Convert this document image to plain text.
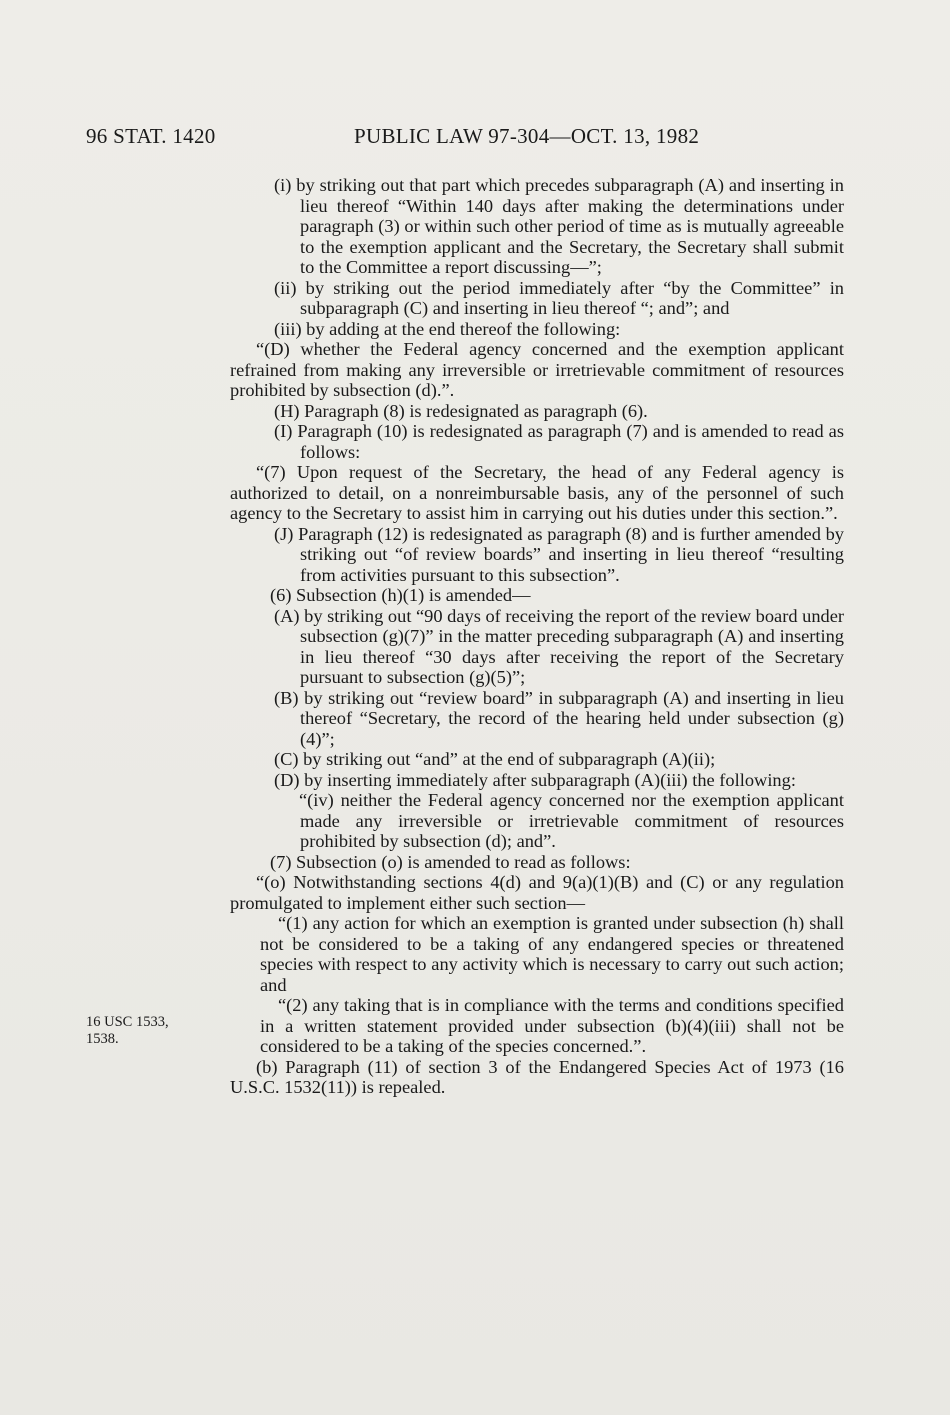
96 STAT. 1420	PUBLIC LAW 97-304—OCT. 13, 1982
16 USC 1533,
1538.

(i) by striking out that part which precedes subparagraph (A) and inserting in lieu thereof “Within 140 days after making the determinations under paragraph (3) or within such other period of time as is mutually agreeable to the exemption applicant and the Secretary, the Secretary shall submit to the Committee a report discussing—”;

(ii) by striking out the period immediately after “by the Committee” in subparagraph (C) and inserting in lieu thereof “; and”; and

(iii) by adding at the end thereof the following:

“(D) whether the Federal agency concerned and the exemption applicant refrained from making any irreversible or irretrievable commitment of resources prohibited by subsection (d).”.

(H) Paragraph (8) is redesignated as paragraph (6).

(I) Paragraph (10) is redesignated as paragraph (7) and is amended to read as follows:

“(7) Upon request of the Secretary, the head of any Federal agency is authorized to detail, on a nonreimbursable basis, any of the personnel of such agency to the Secretary to assist him in carrying out his duties under this section.”.

(J) Paragraph (12) is redesignated as paragraph (8) and is further amended by striking out “of review boards” and inserting in lieu thereof “resulting from activities pursuant to this subsection”.

(6) Subsection (h)(1) is amended—

(A) by striking out “90 days of receiving the report of the review board under subsection (g)(7)” in the matter preceding subparagraph (A) and inserting in lieu thereof “30 days after receiving the report of the Secretary pursuant to subsection (g)(5)”;

(B) by striking out “review board” in subparagraph (A) and inserting in lieu thereof “Secretary, the record of the hearing held under subsection (g)(4)”;

(C) by striking out “and” at the end of subparagraph (A)(ii);

(D) by inserting immediately after subparagraph (A)(iii) the following:

“(iv) neither the Federal agency concerned nor the exemption applicant made any irreversible or irretrievable commitment of resources prohibited by subsection (d); and”.

(7) Subsection (o) is amended to read as follows:

“(o) Notwithstanding sections 4(d) and 9(a)(1)(B) and (C) or any regulation promulgated to implement either such section—

“(1) any action for which an exemption is granted under subsection (h) shall not be considered to be a taking of any endangered species or threatened species with respect to any activity which is necessary to carry out such action; and

“(2) any taking that is in compliance with the terms and conditions specified in a written statement provided under subsection (b)(4)(iii) shall not be considered to be a taking of the species concerned.”.

(b) Paragraph (11) of section 3 of the Endangered Species Act of 1973 (16 U.S.C. 1532(11)) is repealed.
